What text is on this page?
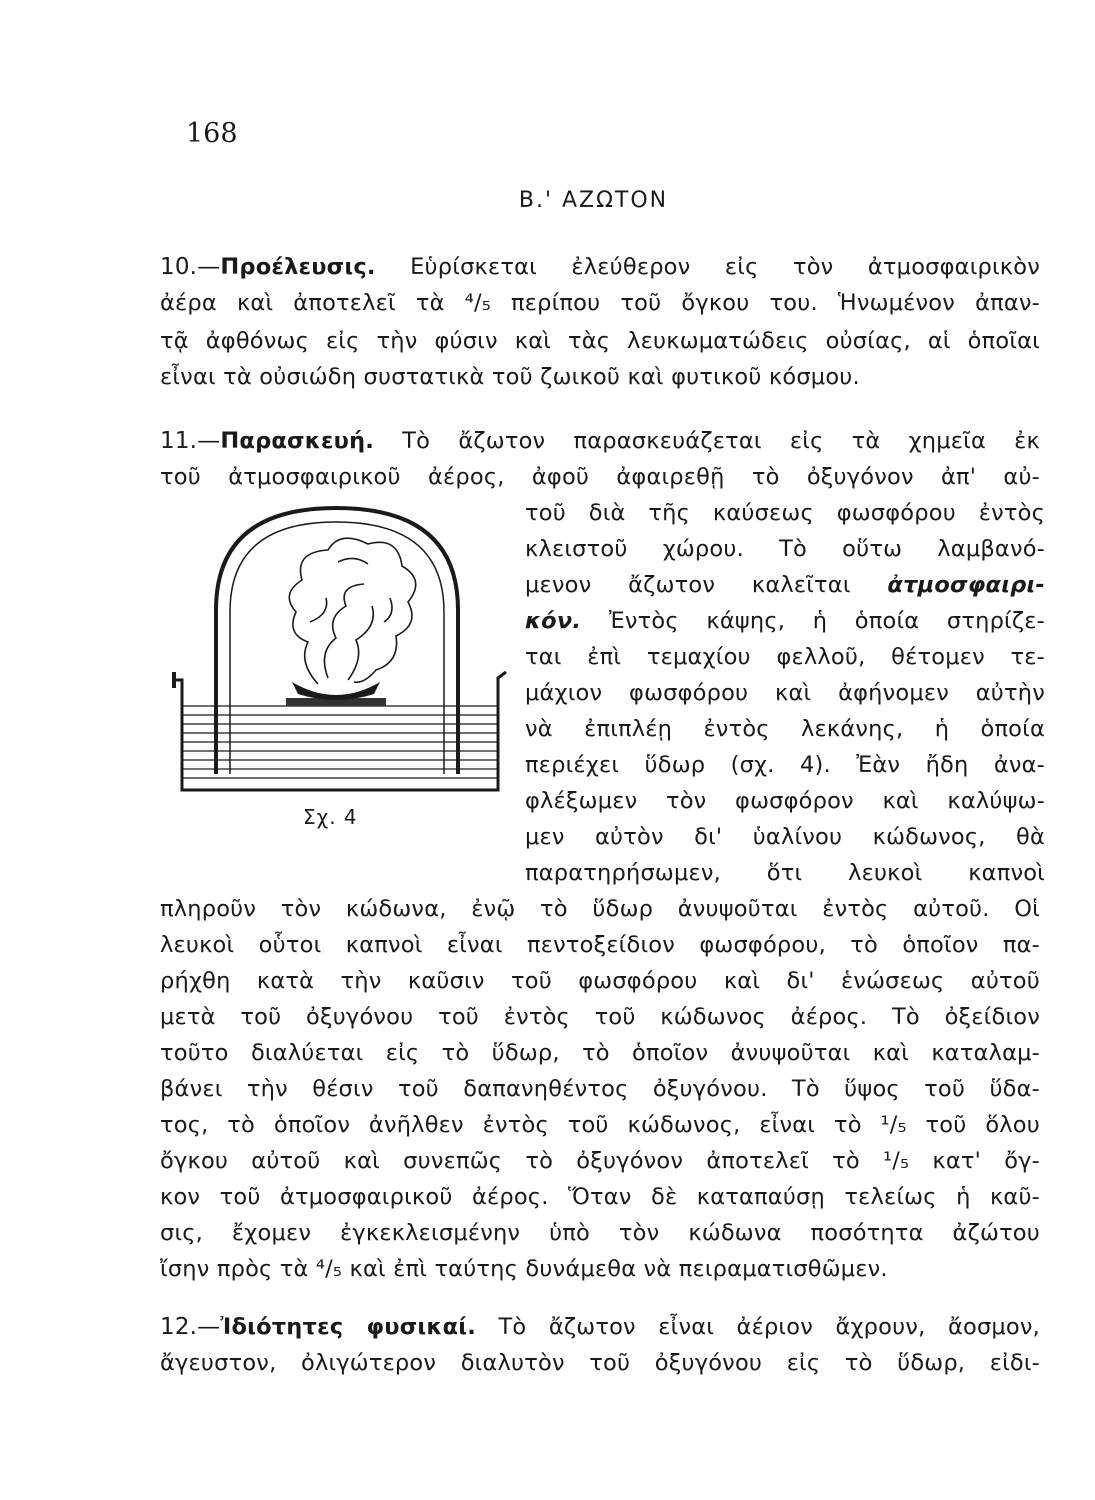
168
Β.' ΑΖΩΤΟΝ
10.—Προέλευσις. Εὑρίσκεται ἐλεύθερον εἰς τὸν ἀτμοσφαιρικὸν
ἀέρα καὶ ἀποτελεῖ τὰ ⁴/₅ περίπου τοῦ ὄγκου του. Ἡνωμένον ἀπαν-
τᾷ ἀφθόνως εἰς τὴν φύσιν καὶ τὰς λευκωματώδεις οὐσίας, αἱ ὁποῖαι
εἶναι τὰ οὐσιώδη συστατικὰ τοῦ ζωικοῦ καὶ φυτικοῦ κόσμου.
11.—Παρασκευή. Τὸ ἄζωτον παρασκευάζεται εἰς τὰ χημεῖα ἐκ
τοῦ ἀτμοσφαιρικοῦ ἀέρος, ἀφοῦ ἀφαιρεθῇ τὸ ὀξυγόνον ἀπ' αὐ-
τοῦ διὰ τῆς καύσεως φωσφόρου ἐντὸς
κλειστοῦ χώρου. Τὸ οὕτω λαμβανό-
μενον ἄζωτον καλεῖται ἀτμοσφαιρι-
κόν. Ἐντὸς κάψης, ἡ ὁποία στηρίζε-
ται ἐπὶ τεμαχίου φελλοῦ, θέτομεν τε-
μάχιον φωσφόρου καὶ ἀφήνομεν αὐτὴν
νὰ ἐπιπλέῃ ἐντὸς λεκάνης, ἡ ὁποία
περιέχει ὕδωρ (σχ. 4). Ἐὰν ἤδη ἀνα-
φλέξωμεν τὸν φωσφόρον καὶ καλύψω-
μεν αὐτὸν δι' ὑαλίνου κώδωνος, θὰ
παρατηρήσωμεν, ὅτι λευκοὶ καπνοὶ
πληροῦν τὸν κώδωνα, ἐνῷ τὸ ὕδωρ ἀνυψοῦται ἐντὸς αὐτοῦ. Οἱ
λευκοὶ οὗτοι καπνοὶ εἶναι πεντοξείδιον φωσφόρου, τὸ ὁποῖον πα-
ρήχθη κατὰ τὴν καῦσιν τοῦ φωσφόρου καὶ δι' ἑνώσεως αὐτοῦ
μετὰ τοῦ ὀξυγόνου τοῦ ἐντὸς τοῦ κώδωνος ἀέρος. Τὸ ὀξείδιον
τοῦτο διαλύεται εἰς τὸ ὕδωρ, τὸ ὁποῖον ἀνυψοῦται καὶ καταλαμ-
βάνει τὴν θέσιν τοῦ δαπανηθέντος ὀξυγόνου. Τὸ ὕψος τοῦ ὕδα-
τος, τὸ ὁποῖον ἀνῆλθεν ἐντὸς τοῦ κώδωνος, εἶναι τὸ ¹/₅ τοῦ ὅλου
ὄγκου αὐτοῦ καὶ συνεπῶς τὸ ὀξυγόνον ἀποτελεῖ τὸ ¹/₅ κατ' ὄγ-
κον τοῦ ἀτμοσφαιρικοῦ ἀέρος. Ὅταν δὲ καταπαύσῃ τελείως ἡ καῦ-
σις, ἔχομεν ἐγκεκλεισμένην ὑπὸ τὸν κώδωνα ποσότητα ἀζώτου
ἴσην πρὸς τὰ ⁴/₅ καὶ ἐπὶ ταύτης δυνάμεθα νὰ πειραματισθῶμεν.
12.—Ἰδιότητες φυσικαί. Τὸ ἄζωτον εἶναι ἀέριον ἄχρουν, ἄοσμον,
ἄγευστον, ὀλιγώτερον διαλυτὸν τοῦ ὀξυγόνου εἰς τὸ ὕδωρ, εἰδι-
Σχ. 4
